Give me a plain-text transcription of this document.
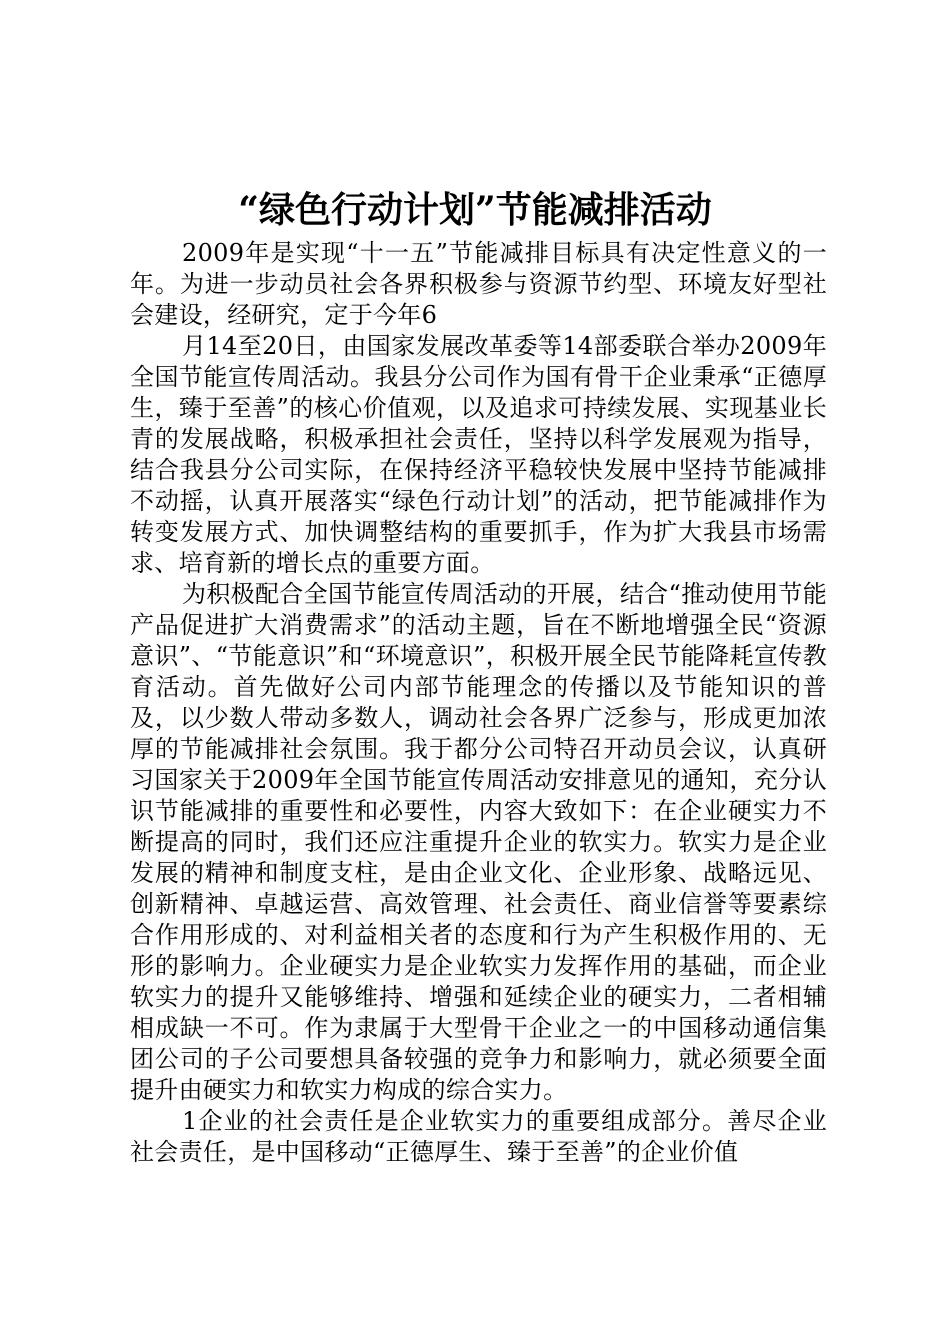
“绿色行动计划”节能减排活动

2009年是实现“十一五”节能减排目标具有决定性意义的一年。为进一步动员社会各界积极参与资源节约型、环境友好型社会建设，经研究，定于今年6

月14至20日，由国家发展改革委等14部委联合举办2009年全国节能宣传周活动。我县分公司作为国有骨干企业秉承“正德厚生，臻于至善”的核心价值观，以及追求可持续发展、实现基业长青的发展战略，积极承担社会责任，坚持以科学发展观为指导，结合我县分公司实际，在保持经济平稳较快发展中坚持节能减排不动摇，认真开展落实“绿色行动计划”的活动，把节能减排作为转变发展方式、加快调整结构的重要抓手，作为扩大我县市场需求、培育新的增长点的重要方面。

为积极配合全国节能宣传周活动的开展，结合“推动使用节能产品促进扩大消费需求”的活动主题，旨在不断地增强全民“资源意识”、“节能意识”和“环境意识”，积极开展全民节能降耗宣传教育活动。首先做好公司内部节能理念的传播以及节能知识的普及，以少数人带动多数人，调动社会各界广泛参与，形成更加浓厚的节能减排社会氛围。我于都分公司特召开动员会议，认真研习国家关于2009年全国节能宣传周活动安排意见的通知，充分认识节能减排的重要性和必要性，内容大致如下：在企业硬实力不断提高的同时，我们还应注重提升企业的软实力。软实力是企业发展的精神和制度支柱，是由企业文化、企业形象、战略远见、创新精神、卓越运营、高效管理、社会责任、商业信誉等要素综合作用形成的、对利益相关者的态度和行为产生积极作用的、无形的影响力。企业硬实力是企业软实力发挥作用的基础，而企业软实力的提升又能够维持、增强和延续企业的硬实力，二者相辅相成缺一不可。作为隶属于大型骨干企业之一的中国移动通信集团公司的子公司要想具备较强的竞争力和影响力，就必须要全面提升由硬实力和软实力构成的综合实力。

1企业的社会责任是企业软实力的重要组成部分。善尽企业社会责任，是中国移动“正德厚生、臻于至善”的企业价值
